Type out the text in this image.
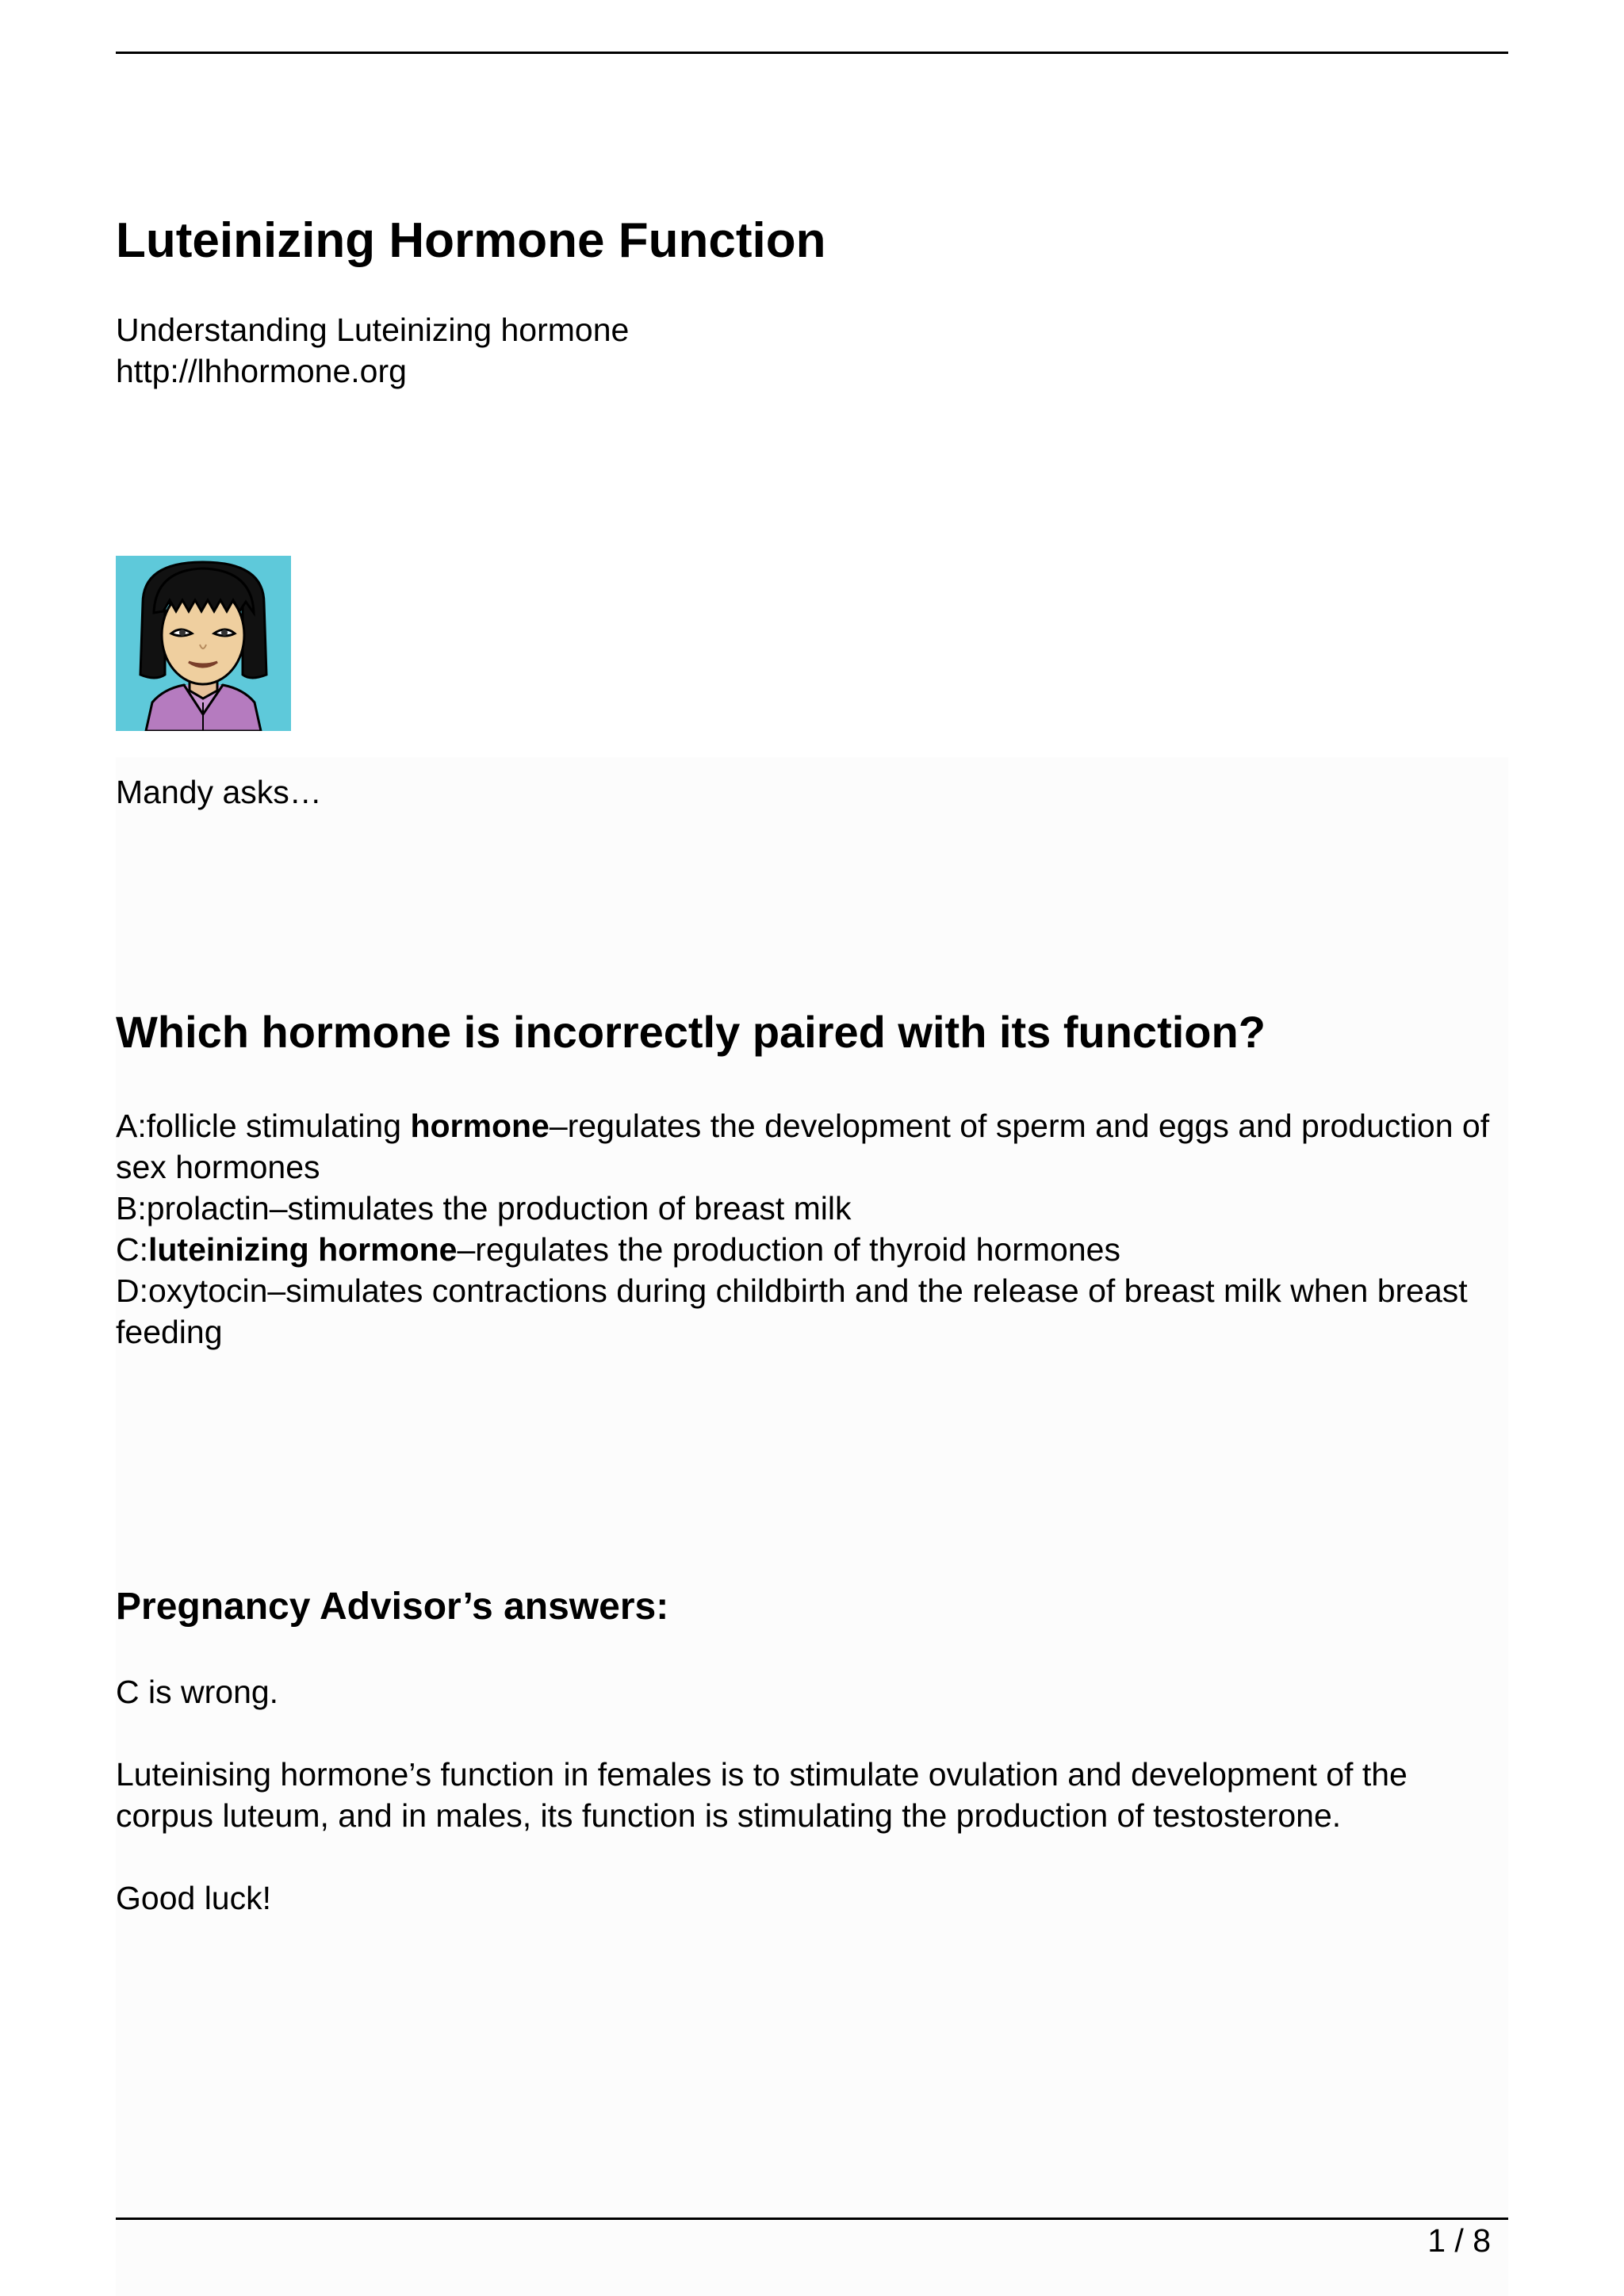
Luteinizing Hormone Function
Understanding Luteinizing hormone
http://lhhormone.org
Mandy asks…
Which hormone is incorrectly paired with its function?

A:follicle stimulating hormone–regulates the development of sperm and eggs and production of sex hormones

B:prolactin–stimulates the production of breast milk

C:luteinizing hormone–regulates the production of thyroid hormones

D:oxytocin–simulates contractions during childbirth and the release of breast milk when breast feeding

Pregnancy Advisor’s answers:

C is wrong.

Luteinising hormone’s function in females is to stimulate ovulation and development of the corpus luteum, and in males, its function is stimulating the production of testosterone.

Good luck!

1 / 8
